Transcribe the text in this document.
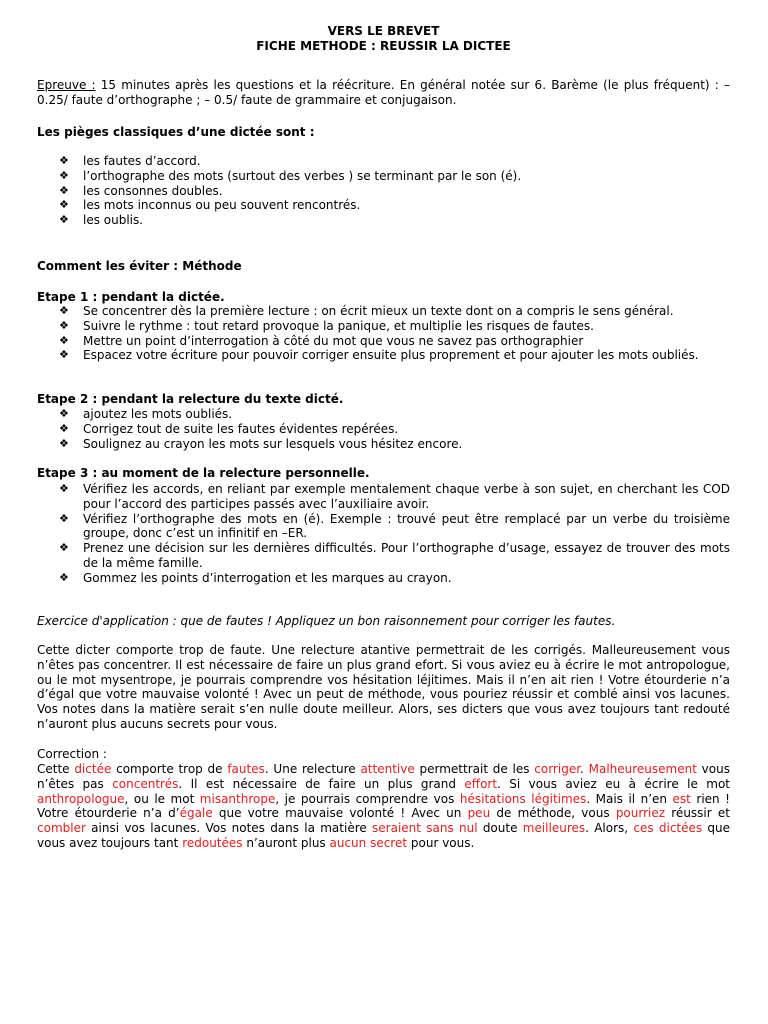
VERS LE BREVET
FICHE METHODE : REUSSIR LA DICTEE
Epreuve : 15 minutes après les questions et la réécriture. En général notée sur 6. Barème (le plus fréquent) : – 0.25/ faute d’orthographe ; – 0.5/ faute de grammaire et conjugaison.
Les pièges classiques d’une dictée sont :
❖ les fautes d’accord.
❖ l’orthographe des mots (surtout des verbes ) se terminant par le son (é).
❖ les consonnes doubles.
❖ les mots inconnus ou peu souvent rencontrés.
❖ les oublis.
Comment les éviter : Méthode
Etape 1 : pendant la dictée.
❖ Se concentrer dès la première lecture : on écrit mieux un texte dont on a compris le sens général.
❖ Suivre le rythme : tout retard provoque la panique, et multiplie les risques de fautes.
❖ Mettre un point d’interrogation à côté du mot que vous ne savez pas orthographier
❖ Espacez votre écriture pour pouvoir corriger ensuite plus proprement et pour ajouter les mots oubliés.
Etape 2 : pendant la relecture du texte dicté.
❖ ajoutez les mots oubliés.
❖ Corrigez tout de suite les fautes évidentes repérées.
❖ Soulignez au crayon les mots sur lesquels vous hésitez encore.
Etape 3 : au moment de la relecture personnelle.
❖ Vérifiez les accords, en reliant par exemple mentalement chaque verbe à son sujet, en cherchant les COD pour l’accord des participes passés avec l’auxiliaire avoir.
❖ Vérifiez l’orthographe des mots en (é). Exemple : trouvé peut être remplacé par un verbe du troisième groupe, donc c’est un infinitif en –ER.
❖ Prenez une décision sur les dernières difficultés. Pour l’orthographe d’usage, essayez de trouver des mots de la même famille.
❖ Gommez les points d’interrogation et les marques au crayon.
Exercice d'application : que de fautes ! Appliquez un bon raisonnement pour corriger les fautes.
Cette dicter comporte trop de faute. Une relecture atantive permettrait de les corrigés. Malleureusement vous n’êtes pas concentrer. Il est nécessaire de faire un plus grand efort. Si vous aviez eu à écrire le mot antropologue, ou le mot mysentrope, je pourrais comprendre vos hésitation léjitimes. Mais il n’en ait rien ! Votre étourderie n’a d’égal que votre mauvaise volonté ! Avec un peut de méthode, vous pouriez réussir et comblé ainsi vos lacunes. Vos notes dans la matière serait s’en nulle doute meilleur. Alors, ses dicters que vous avez toujours tant redouté n’auront plus aucuns secrets pour vous.
Correction :
Cette dictée comporte trop de fautes. Une relecture attentive permettrait de les corriger. Malheureusement vous n’êtes pas concentrés. Il est nécessaire de faire un plus grand effort. Si vous aviez eu à écrire le mot anthropologue, ou le mot misanthrope, je pourrais comprendre vos hésitations légitimes. Mais il n’en est rien ! Votre étourderie n’a d’égale que votre mauvaise volonté ! Avec un peu de méthode, vous pourriez réussir et combler ainsi vos lacunes. Vos notes dans la matière seraient sans nul doute meilleures. Alors, ces dictées que vous avez toujours tant redoutées n’auront plus aucun secret pour vous.
